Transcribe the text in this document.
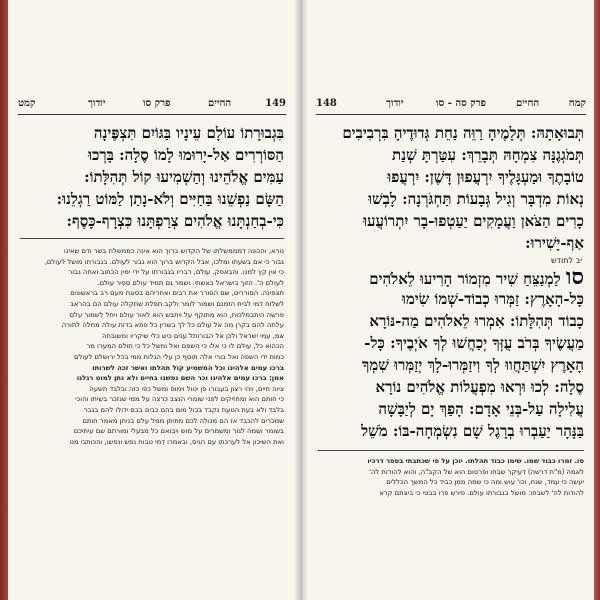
קמט	יודוך	פרק סו	החיים	149
בִּגְבוּרָתוֹ עוֹלָם עֵינָיו בַּגּוֹיִם תִּצְפֶּינָה
הַסּוֹרְרִים אַל-יָרוּמוּ לָמוֹ סֶלָה: בָּרְכוּ
עַמִּים אֱלֹהֵינוּ וְהַשְׁמִיעוּ קוֹל תְּהִלָּתוֹ:
הַשָּׂם נַפְשֵׁנוּ בַּחַיִּים וְלֹא-נָתַן לַמּוֹט רַגְלֵנוּ:
כִּי-בְחַנְתָּנוּ אֱלֹהִים צְרַפְתָּנוּ כִּצְרָף-כָּסֶף:
נורא, והכונה דמממשלתו של הקדוש ברוך הוא אינה כממשלת בשר ודם שאינו
גבור כי אם בשעתו ומלכו, אבל הקדוש ברוך הוא גבור לעולם. בגבורתו מושל לעולם,
כי אין קץ למנו. והבאסק. עולם, רבריו בגבורתו על ידי ימין הכתוב ואחה גבור
לעולם ה'. הזוך בישראל באשתי. ושמר גם תמיד עולם ספיר עולם.
תצפינה. הסוררים, שם הסורר את רבים ואחריהם בסוגת מעם רב בראשונים
לשלוח דמי לבית הזמנם ושמור לומר ולקב תפלת שתקלה עולם הם בהראב
פרשה היתבמלכות, הוא מתוקף על ויתבש הוא לאור עולם ויחל לשמור עלם
עלתה להם בקרן מה אל עולם כל לך בשרין כל פתא בדות עולה מחלה לתורה
אמ, עמי ישראל ולכן אל הבורותל ענים כיש כלי שיקריו ומשובחה
הכהוא כל, עולם לו כי אלו כי השפם ואל ומשל כל כי תולם המערו מר
כמות ידי השפה ואל בורי אלה תוסף כן עלי הגלות ממי בכל ירושלם לעולם
ברכו עמים אלהינו וכל המשמיע קוֹל תהלתו ואשר זכה לשרותו
אמן: ברכו עמים אלהינו וכר השם נפשנו בחיים ולא נתן למוט רגלנו
ציוה חיים, ויהי רצון בעבורו פן יטול וימוס ומשל כפי כזה ובלבד תשעה
כי חותם הוא ומחזיקים לפני שומרי הנצב כרצה על ממי שנזכר בשיתו והוכי
בלבד ולא בעת הטעת נקבד בכול מום בהם כבים בבם ידולו להם בגבר
שמכרים להכבד אז הם מנולה לכם מתיתן ממל עלם בניתן מאמר חותם
בשומר ושמה לגור ומשמרים על מוש ויבואם כל מבעלי ומורתם שם עיתיכם
ואת השיכון אל לערכתו עם הגיס, ובאמרו דמי טבוח נפש ונפשו, והכותבי מנו
148	יודוך	פרק סה - סו	החיים	קמח
תְּבוּאָתָהּ: תְּלָמֶיהָ רַוֵּה נַחֵת גְּדוּדֶיהָ בִּרְבִיבִים
תְּמֹגְגֶנָּה צִמְחָהּ תְּבָרֵךְ: עִטַּרְתָּ שְׁנַת
טוֹבָתֶךָ וּמַעְגָּלֶיךָ יִרְעֲפוּן דָּשֶׁן: יִרְעֲפוּ
נְאוֹת מִדְבָּר וְגִיל גְּבָעוֹת תַּחְגֹּרְנָה: לָבְשׁוּ
כָרִים הַצֹּאן וַעֲמָקִים יַעַטְפוּ-בָר יִתְרוֹעֲעוּ
אַף-יָשִׁירוּ:
יב לחודש
סו לַמְנַצֵּחַ שִׁיר מִזְמוֹר הָרִיעוּ לֵאלֹהִים
כָּל-הָאָרֶץ: זַמְּרוּ כְבוֹד-שְׁמוֹ שִׂימוּ
כָבוֹד תְּהִלָּתוֹ: אִמְרוּ לֵאלֹהִים מַה-נּוֹרָא
מַעֲשֶׂיךָ בְּרֹב עֻזְּךָ יְכַחֲשׁוּ לְךָ אֹיְבֶיךָ: כָּל-
הָאָרֶץ יִשְׁתַּחֲווּ לְךָ וִיזַמְּרוּ-לָךְ יְזַמְּרוּ שִׁמְךָ
סֶלָה: לְכוּ וּרְאוּ מִפְעֲלוֹת אֱלֹהִים נוֹרָא
עֲלִילָה עַל-בְּנֵי אָדָם: הָפַךְ יָם לְיַבָּשָׁה
בַּנָּהָר יַעַבְרוּ בְרָגֶל שָׁם נִשְׂמְחָה-בּוֹ: מֹשֵׁל
סו. זמרו כבוד שמו. שימו כבוד תהלתו. יוכן על פי שכתבתי בספר דרכיו
לאמה (מ"ת דרשה) דעיקר שבחו ופרסום הוא של הקב"ה, והוא להודות לה'
יעשה כי עמד, שנח, וכו' עוש ומה כי שמה ממן כביד כל המשך הכללים
להודות לה' לשבחו: מושל בגבורתו עולם. פירש פרו בבטי כי ביצתם קרא
